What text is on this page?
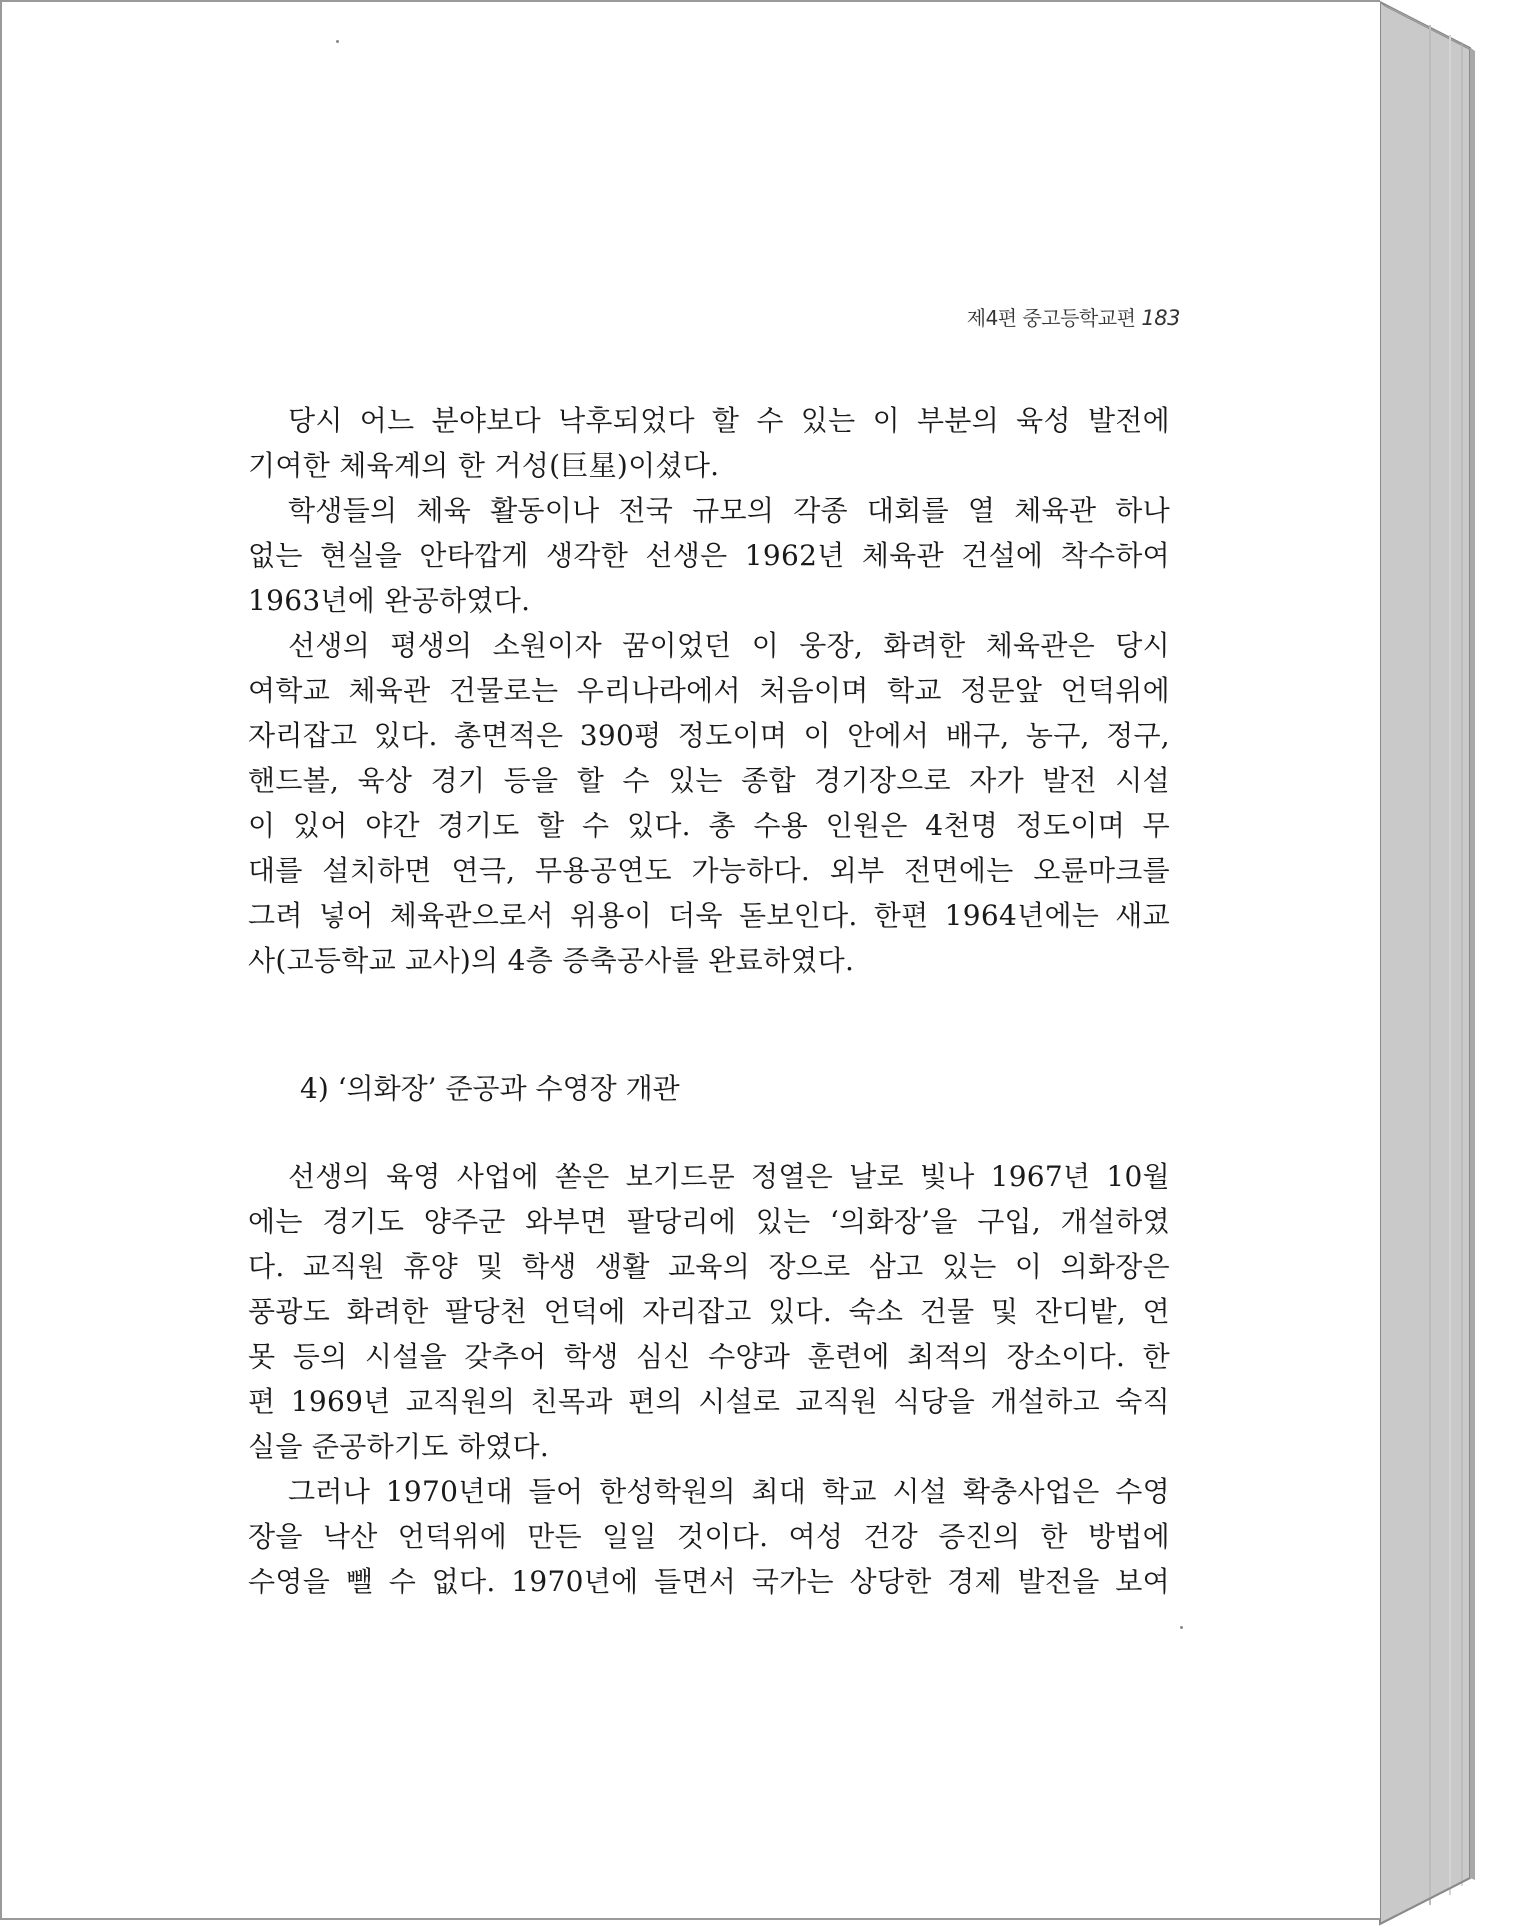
제4편 중고등학교편 183
당시 어느 분야보다 낙후되었다 할 수 있는 이 부분의 육성 발전에
기여한 체육계의 한 거성(巨星)이셨다.
학생들의 체육 활동이나 전국 규모의 각종 대회를 열 체육관 하나
없는 현실을 안타깝게 생각한 선생은 1962년 체육관 건설에 착수하여
1963년에 완공하였다.
선생의 평생의 소원이자 꿈이었던 이 웅장, 화려한 체육관은 당시
여학교 체육관 건물로는 우리나라에서 처음이며 학교 정문앞 언덕위에
자리잡고 있다. 총면적은 390평 정도이며 이 안에서 배구, 농구, 정구,
핸드볼, 육상 경기 등을 할 수 있는 종합 경기장으로 자가 발전 시설
이 있어 야간 경기도 할 수 있다. 총 수용 인원은 4천명 정도이며 무
대를 설치하면 연극, 무용공연도 가능하다. 외부 전면에는 오륜마크를
그려 넣어 체육관으로서 위용이 더욱 돋보인다. 한편 1964년에는 새교
사(고등학교 교사)의 4층 증축공사를 완료하였다.
4) ‘의화장’ 준공과 수영장 개관
선생의 육영 사업에 쏟은 보기드문 정열은 날로 빛나 1967년 10월
에는 경기도 양주군 와부면 팔당리에 있는 ‘의화장’을 구입, 개설하였
다. 교직원 휴양 및 학생 생활 교육의 장으로 삼고 있는 이 의화장은
풍광도 화려한 팔당천 언덕에 자리잡고 있다. 숙소 건물 및 잔디밭, 연
못 등의 시설을 갖추어 학생 심신 수양과 훈련에 최적의 장소이다. 한
편 1969년 교직원의 친목과 편의 시설로 교직원 식당을 개설하고 숙직
실을 준공하기도 하였다.
그러나 1970년대 들어 한성학원의 최대 학교 시설 확충사업은 수영
장을 낙산 언덕위에 만든 일일 것이다. 여성 건강 증진의 한 방법에
수영을 뺄 수 없다. 1970년에 들면서 국가는 상당한 경제 발전을 보여
